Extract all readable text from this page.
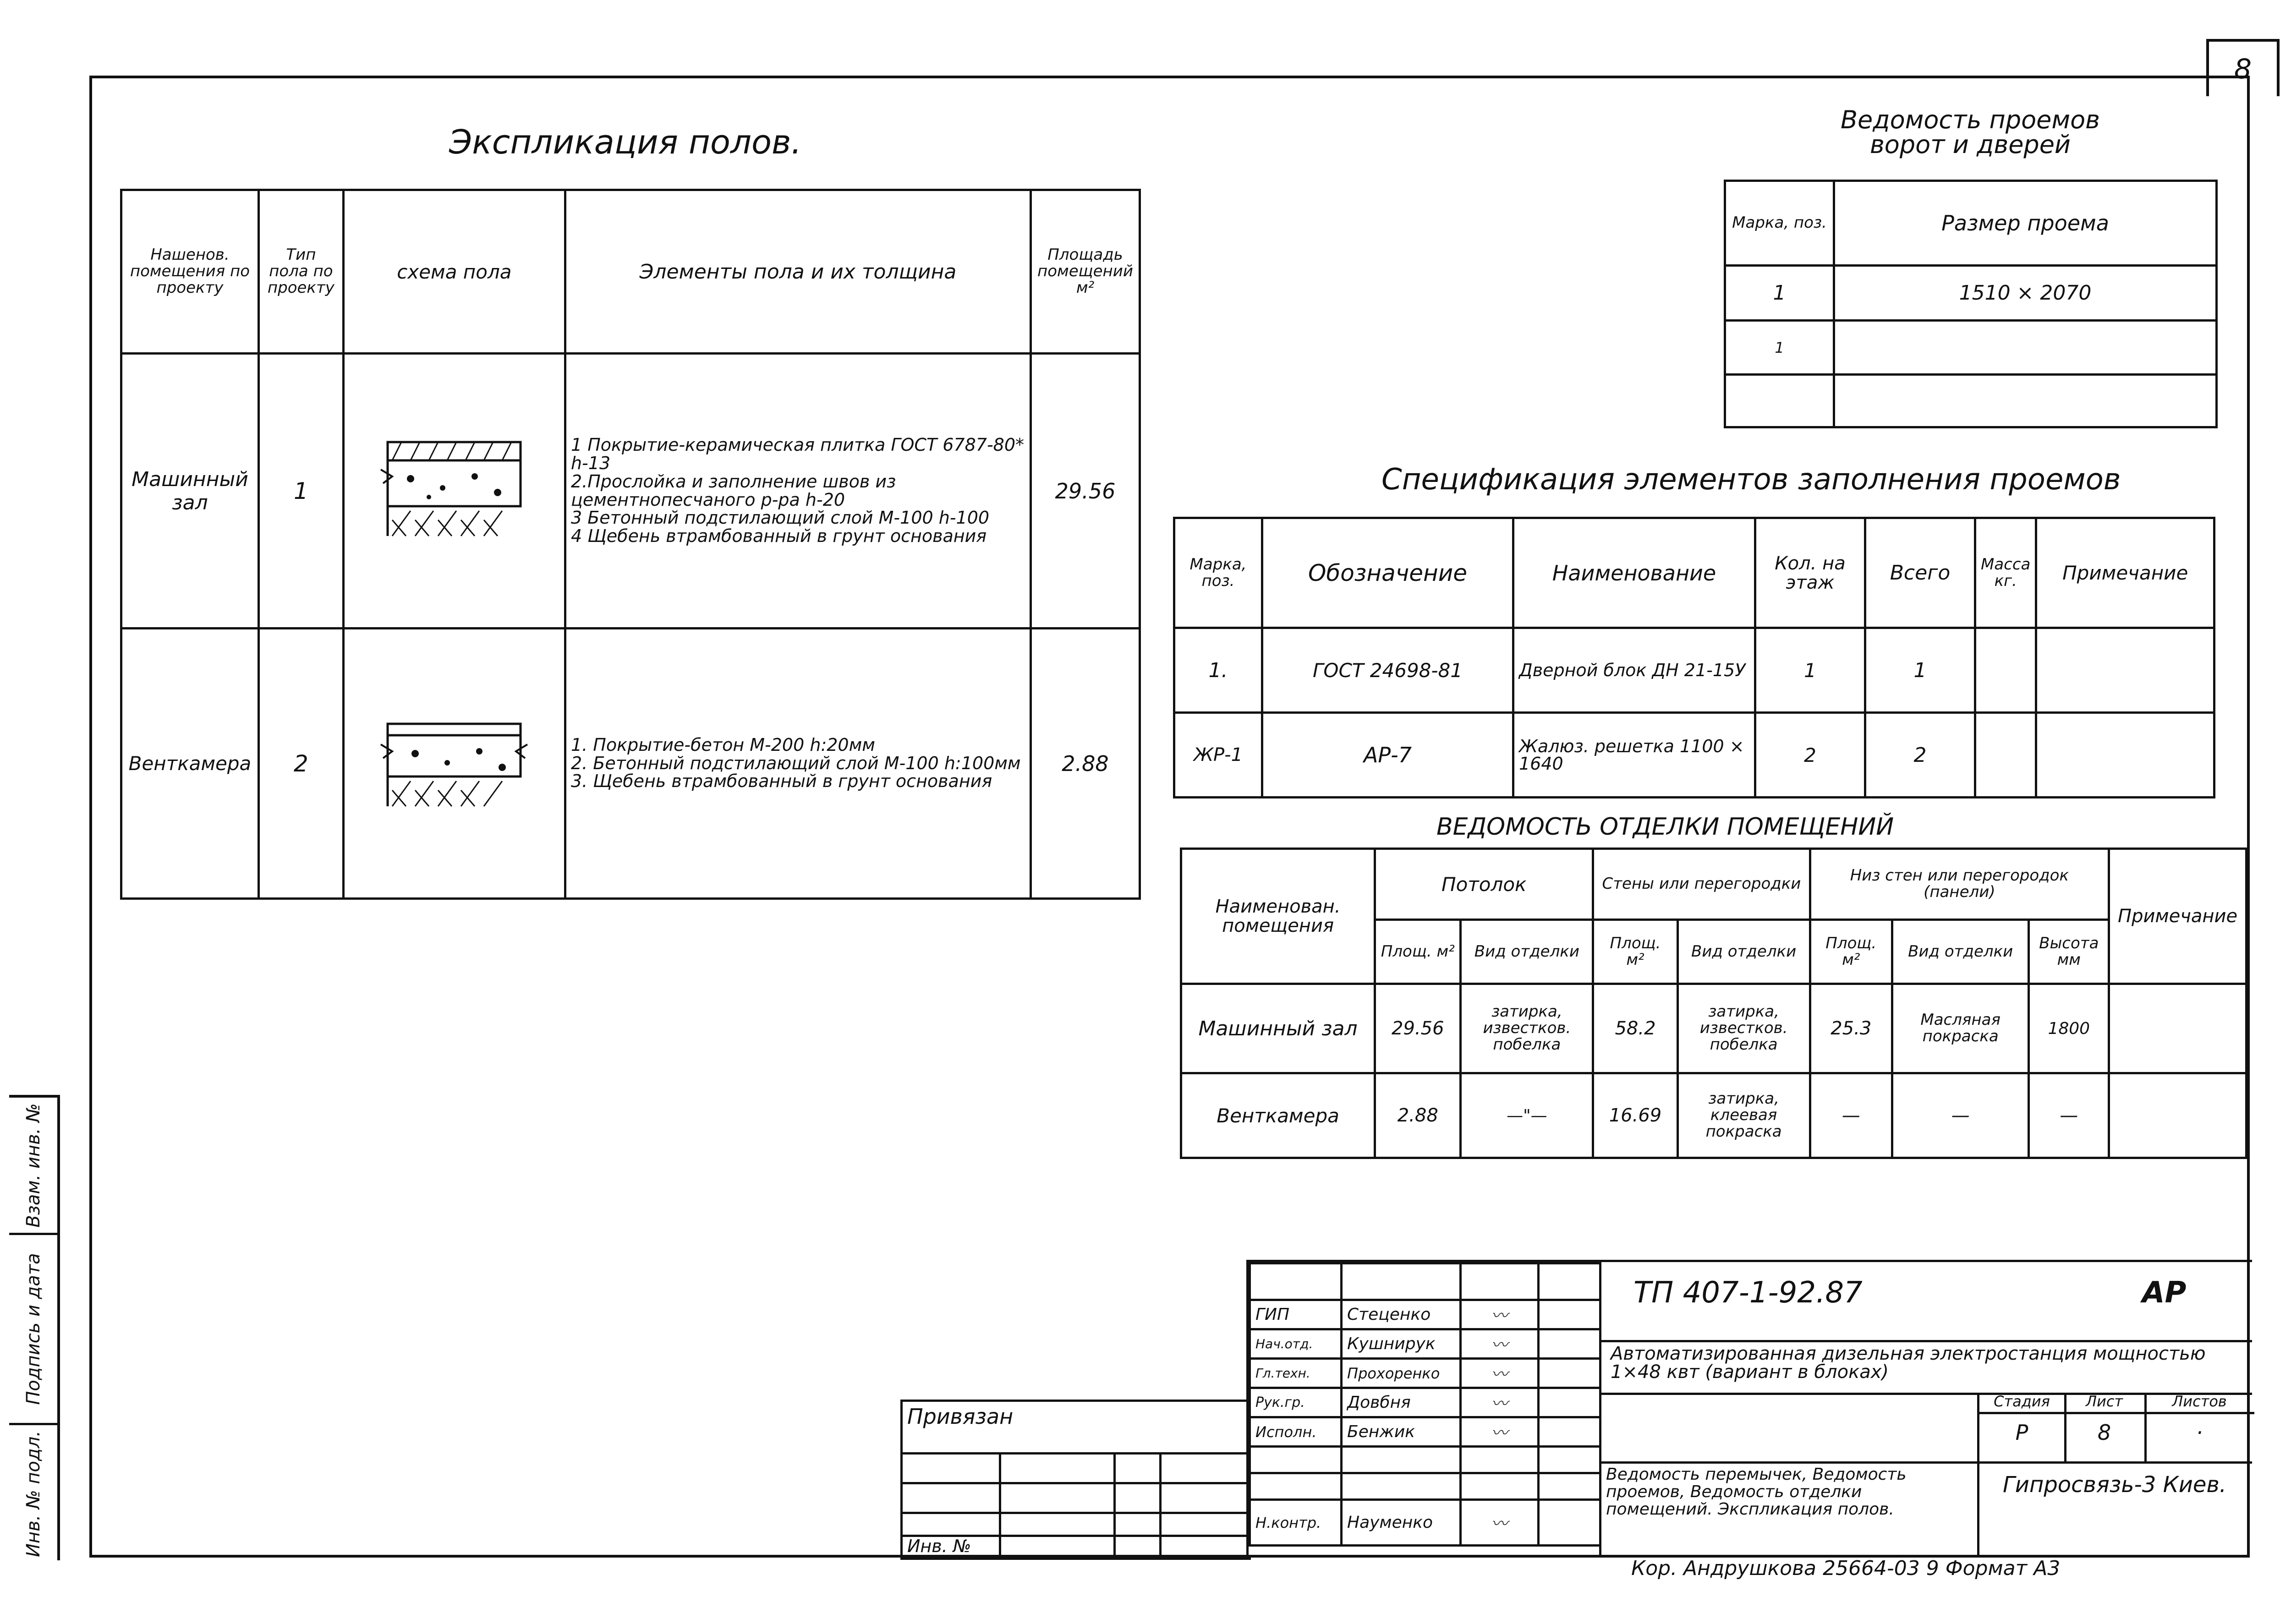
8
Экспликация полов.
Нашенов. помещения по проекту	Тип пола по проекту	схема пола	Элементы пола и их толщина	Площадь помещений м²
Машинный зал	1		1 Покрытие-керамическая плитка ГОСТ 6787-80* h-13
2.Прослойка и заполнение швов из цементнопесчаного р-ра h-20
3 Бетонный подстилающий слой М-100 h-100
4 Щебень втрамбованный в грунт основания	29.56
Венткамера	2		1. Покрытие-бетон М-200 h:20мм
2. Бетонный подстилающий слой М-100 h:100мм
3. Щебень втрамбованный в грунт основания	2.88
Ведомость проемов ворот и дверей
Марка, поз.	Размер проема
1	1510 × 2070
1	

Спецификация элементов заполнения проемов
Марка, поз.	Обозначение	Наименование	Кол. на этаж	Всего	Масса кг.	Примечание
1.	ГОСТ 24698-81	Дверной блок ДН 21-15У	1	1		
ЖР-1	АР-7	Жалюз. решетка 1100 × 1640	2	2		
ВЕДОМОСТЬ ОТДЕЛКИ ПОМЕЩЕНИЙ
Наименован. помещения	Потолок		Стены или перегородки		Низ стен или перегородок (панели)			Примечание
	Площ. м²	Вид отделки	Площ. м²	Вид отделки	Площ. м²	Вид отделки	Высота мм	
Машинный зал	29.56	затирка, известков. побелка	58.2	затирка, известков. побелка	25.3	Масляная покраска	1800	
Венткамера	2.88	—"—	16.69	затирка, клеевая покраска	—	—	—	

ГИП	Стеценко	〰	
Нач.отд.	Кушнирук	〰	
Гл.техн.	Прохоренко	〰	
Рук.гр.	Довбня	〰	
Исполн.	Бенжик	〰	

Н.контр.	Науменко	〰	
Привязан
Инв. №
ТП 407-1-92.87	АР
Автоматизированная дизельная электростанция мощностью 1×48 квт (вариант в блоках)
Стадия	Лист	Листов
Р	8	·
Ведомость перемычек, Ведомость проемов, Ведомость отделки помещений. Экспликация полов.
Гипросвязь-3 Киев.
Кор. Андрушкова 25664-03 9 Формат А3
Взам. инв. №
Подпись и дата
Инв. № подл.
